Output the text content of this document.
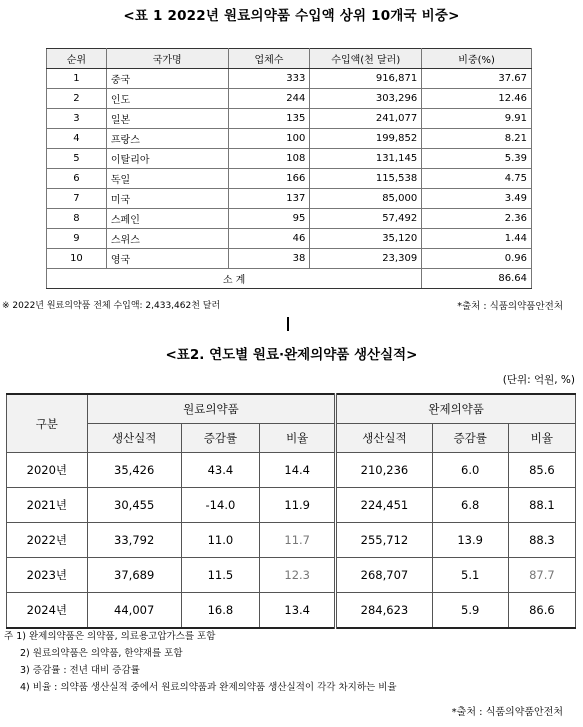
<표 1 2022년 원료의약품 수입액 상위 10개국 비중>
순위	국가명	업체수	수입액(천 달러)	비중(%)
1	중국	333	916,871	37.67
2	인도	244	303,296	12.46
3	일본	135	241,077	9.91
4	프랑스	100	199,852	8.21
5	이탈리아	108	131,145	5.39
6	독일	166	115,538	4.75
7	미국	137	85,000	3.49
8	스페인	95	57,492	2.36
9	스위스	46	35,120	1.44
10	영국	38	23,309	0.96
소 계				86.64
※ 2022년 원료의약품 전체 수입액: 2,433,462천 달러	*출처 : 식품의약품안전처
<표2. 연도별 원료·완제의약품 생산실적>
(단위: 억원, %)
구분	원료의약품			완제의약품		
	생산실적	증감률	비율	생산실적	증감률	비율
2020년	35,426	43.4	14.4	210,236	6.0	85.6
2021년	30,455	-14.0	11.9	224,451	6.8	88.1
2022년	33,792	11.0	11.7	255,712	13.9	88.3
2023년	37,689	11.5	12.3	268,707	5.1	87.7
2024년	44,007	16.8	13.4	284,623	5.9	86.6
주 1) 완제의약품은 의약품, 의료용고압가스를 포함
2) 원료의약품은 의약품, 한약재를 포함
3) 증감률 : 전년 대비 증감률
4) 비율 : 의약품 생산실적 중에서 원료의약품과 완제의약품 생산실적이 각각 차지하는 비율
*출처 : 식품의약품안전처
